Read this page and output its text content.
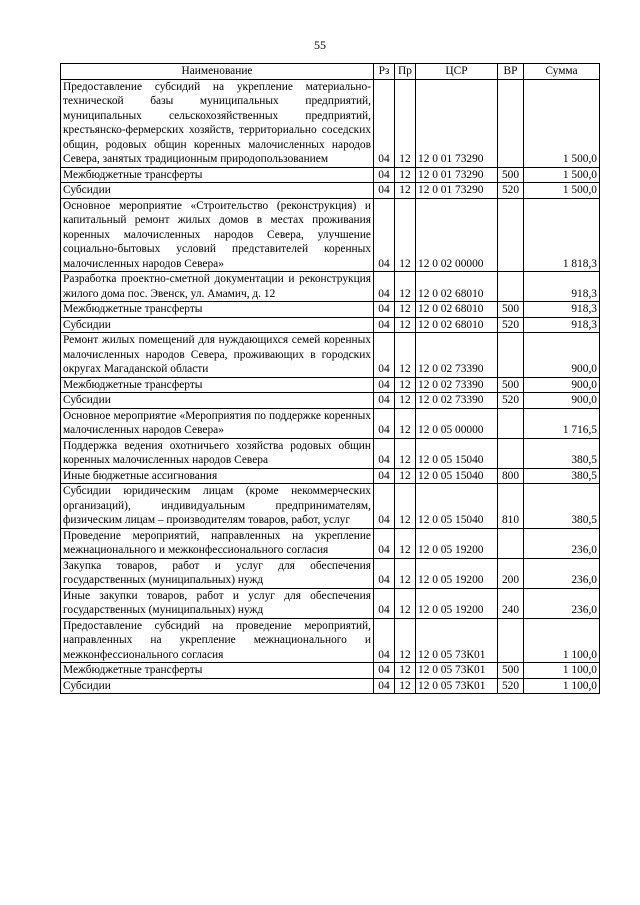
55
Наименование	Рз	Пр	ЦСР	ВР	Сумма
Предоставление субсидий на укрепление материально-технической базы муниципальных предприятий, муниципальных сельскохозяйственных предприятий, крестьянско-фермерских хозяйств, территориально соседских общин, родовых общин коренных малочисленных народов Севера, занятых традиционным природопользованием	04	12	12 0 01 73290		1 500,0
Межбюджетные трансферты	04	12	12 0 01 73290	500	1 500,0
Субсидии	04	12	12 0 01 73290	520	1 500,0
Основное мероприятие «Строительство (реконструкция) и капитальный ремонт жилых домов в местах проживания коренных малочисленных народов Севера, улучшение социально-бытовых условий представителей коренных малочисленных народов Севера»	04	12	12 0 02 00000		1 818,3
Разработка проектно-сметной документации и реконструкция жилого дома пос. Эвенск, ул. Амамич, д. 12	04	12	12 0 02 68010		918,3
Межбюджетные трансферты	04	12	12 0 02 68010	500	918,3
Субсидии	04	12	12 0 02 68010	520	918,3
Ремонт жилых помещений для нуждающихся семей коренных малочисленных народов Севера, проживающих в городских округах Магаданской области	04	12	12 0 02 73390		900,0
Межбюджетные трансферты	04	12	12 0 02 73390	500	900,0
Субсидии	04	12	12 0 02 73390	520	900,0
Основное мероприятие «Мероприятия по поддержке коренных малочисленных народов Севера»	04	12	12 0 05 00000		1 716,5
Поддержка ведения охотничьего хозяйства родовых общин коренных малочисленных народов Севера	04	12	12 0 05 15040		380,5
Иные бюджетные ассигнования	04	12	12 0 05 15040	800	380,5
Субсидии юридическим лицам (кроме некоммерческих организаций), индивидуальным предпринимателям, физическим лицам – производителям товаров, работ, услуг	04	12	12 0 05 15040	810	380,5
Проведение мероприятий, направленных на укрепление межнационального и межконфессионального согласия	04	12	12 0 05 19200		236,0
Закупка товаров, работ и услуг для обеспечения государственных (муниципальных) нужд	04	12	12 0 05 19200	200	236,0
Иные закупки товаров, работ и услуг для обеспечения государственных (муниципальных) нужд	04	12	12 0 05 19200	240	236,0
Предоставление субсидий на проведение мероприятий, направленных на укрепление межнационального и межконфессионального согласия	04	12	12 0 05 73К01		1 100,0
Межбюджетные трансферты	04	12	12 0 05 73К01	500	1 100,0
Субсидии	04	12	12 0 05 73К01	520	1 100,0
